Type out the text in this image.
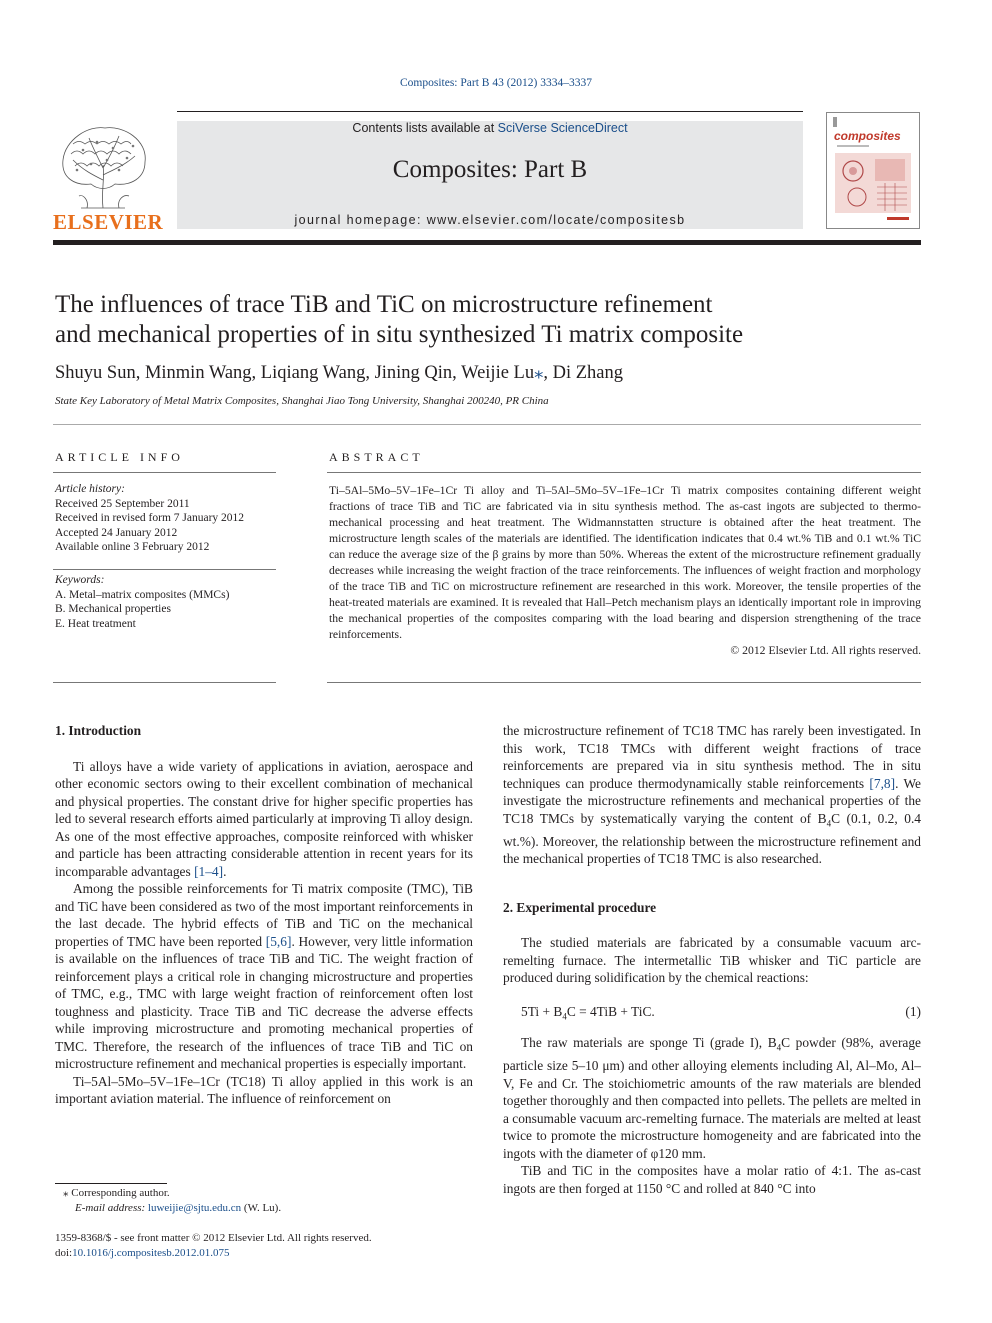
Composites: Part B 43 (2012) 3334–3337
ELSEVIER
Contents lists available at SciVerse ScienceDirect
Composites: Part B
journal homepage: www.elsevier.com/locate/compositesb
composites
The influences of trace TiB and TiC on microstructure refinement
and mechanical properties of in situ synthesized Ti matrix composite
Shuyu Sun, Minmin Wang, Liqiang Wang, Jining Qin, Weijie Lu⁎, Di Zhang
State Key Laboratory of Metal Matrix Composites, Shanghai Jiao Tong University, Shanghai 200240, PR China
ARTICLE INFO	ABSTRACT
Article history:
Received 25 September 2011
Received in revised form 7 January 2012
Accepted 24 January 2012
Available online 3 February 2012
Keywords:
A. Metal–matrix composites (MMCs)
B. Mechanical properties
E. Heat treatment

Ti–5Al–5Mo–5V–1Fe–1Cr Ti alloy and Ti–5Al–5Mo–5V–1Fe–1Cr Ti matrix composites containing different weight fractions of trace TiB and TiC are fabricated via in situ synthesis method. The as-cast ingots are subjected to thermo-mechanical processing and heat treatment. The Widmannstatten structure is obtained after the heat treatment. The microstructure length scales of the materials are identified. The identification indicates that 0.4 wt.% TiB and 0.1 wt.% TiC can reduce the average size of the β grains by more than 50%. Whereas the extent of the microstructure refinement gradually decreases while increasing the weight fraction of the trace reinforcements. The influences of weight fraction and morphology of the trace TiB and TiC on microstructure refinement are researched in this work. Moreover, the tensile properties of the heat-treated materials are examined. It is revealed that Hall–Petch mechanism plays an identically important role in improving the mechanical properties of the composites comparing with the load bearing and dispersion strengthening of the trace reinforcements.

© 2012 Elsevier Ltd. All rights reserved.

1. Introduction

Ti alloys have a wide variety of applications in aviation, aerospace and other economic sectors owing to their excellent combination of mechanical and physical properties. The constant drive for higher specific properties has led to several research efforts aimed particularly at improving Ti alloy design. As one of the most effective approaches, composite reinforced with whisker and particle has been attracting considerable attention in recent years for its incomparable advantages [1–4].

Among the possible reinforcements for Ti matrix composite (TMC), TiB and TiC have been considered as two of the most important reinforcements in the last decade. The hybrid effects of TiB and TiC on the mechanical properties of TMC have been reported [5,6]. However, very little information is available on the influences of trace TiB and TiC. The weight fraction of reinforcement plays a critical role in changing microstructure and properties of TMC, e.g., TMC with large weight fraction of reinforcement often lost toughness and plasticity. Trace TiB and TiC decrease the adverse effects while improving microstructure and promoting mechanical properties of TMC. Therefore, the research of the influences of trace TiB and TiC on microstructure refinement and mechanical properties is especially important.

Ti–5Al–5Mo–5V–1Fe–1Cr (TC18) Ti alloy applied in this work is an important aviation material. The influence of reinforcement on

the microstructure refinement of TC18 TMC has rarely been investigated. In this work, TC18 TMCs with different weight fractions of trace reinforcements are prepared via in situ synthesis method. The in situ techniques can produce thermodynamically stable reinforcements [7,8]. We investigate the microstructure refinements and mechanical properties of the TC18 TMCs by systematically varying the content of $B_4C$ (0.1, 0.2, 0.4 wt.%). Moreover, the relationship between the microstructure refinement and the mechanical properties of TC18 TMC is also researched.

2. Experimental procedure

The studied materials are fabricated by a consumable vacuum arc-remelting furnace. The intermetallic TiB whisker and TiC particle are produced during solidification by the chemical reactions:

$5Ti + B_4C = 4TiB$ + TiC.	(1)

The raw materials are sponge Ti (grade I), $B_4C$ powder (98%, average particle size 5–10 μm) and other alloying elements including Al, Al–Mo, Al–V, Fe and Cr. The stoichiometric amounts of the raw materials are blended together thoroughly and then compacted into pellets. The pellets are melted in a consumable vacuum arc-remelting furnace. The materials are melted at least twice to promote the microstructure homogeneity and are fabricated into the ingots with the diameter of φ120 mm.

TiB and TiC in the composites have a molar ratio of 4:1. The as-cast ingots are then forged at 1150 °C and rolled at 840 °C into

⁎ Corresponding author.
E-mail address: luweijie@sjtu.edu.cn (W. Lu).
1359-8368/$ - see front matter © 2012 Elsevier Ltd. All rights reserved.
doi:10.1016/j.compositesb.2012.01.075
